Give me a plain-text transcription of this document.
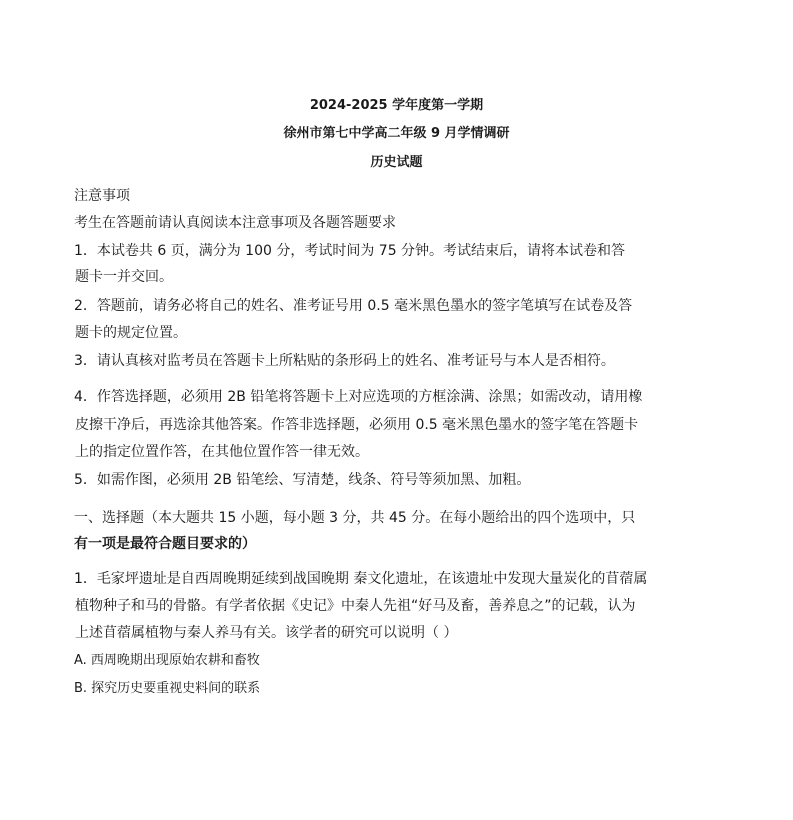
2024-2025 学年度第一学期
徐州市第七中学高二年级 9 月学情调研
历史试题
注意事项
考生在答题前请认真阅读本注意事项及各题答题要求
1．本试卷共 6 页，满分为 100 分，考试时间为 75 分钟。考试结束后，请将本试卷和答
题卡一并交回。
2．答题前，请务必将自己的姓名、准考证号用 0.5 毫米黑色墨水的签字笔填写在试卷及答
题卡的规定位置。
3．请认真核对监考员在答题卡上所粘贴的条形码上的姓名、准考证号与本人是否相符。
4．作答选择题，必须用 2B 铅笔将答题卡上对应选项的方框涂满、涂黑；如需改动，请用橡
皮擦干净后，再选涂其他答案。作答非选择题，必须用 0.5 毫米黑色墨水的签字笔在答题卡
上的指定位置作答，在其他位置作答一律无效。
5．如需作图，必须用 2B 铅笔绘、写清楚，线条、符号等须加黑、加粗。
一、选择题（本大题共 15 小题，每小题 3 分，共 45 分。在每小题给出的四个选项中，只
有一项是最符合题目要求的）
1．毛家坪遗址是自西周晚期延续到战国晚期 秦文化遗址，在该遗址中发现大量炭化的苜蓿属
植物种子和马的骨骼。有学者依据《史记》中秦人先祖“好马及畜，善养息之”的记载，认为
上述苜蓿属植物与秦人养马有关。该学者的研究可以说明（ ）
A. 西周晚期出现原始农耕和畜牧
B. 探究历史要重视史料间的联系
